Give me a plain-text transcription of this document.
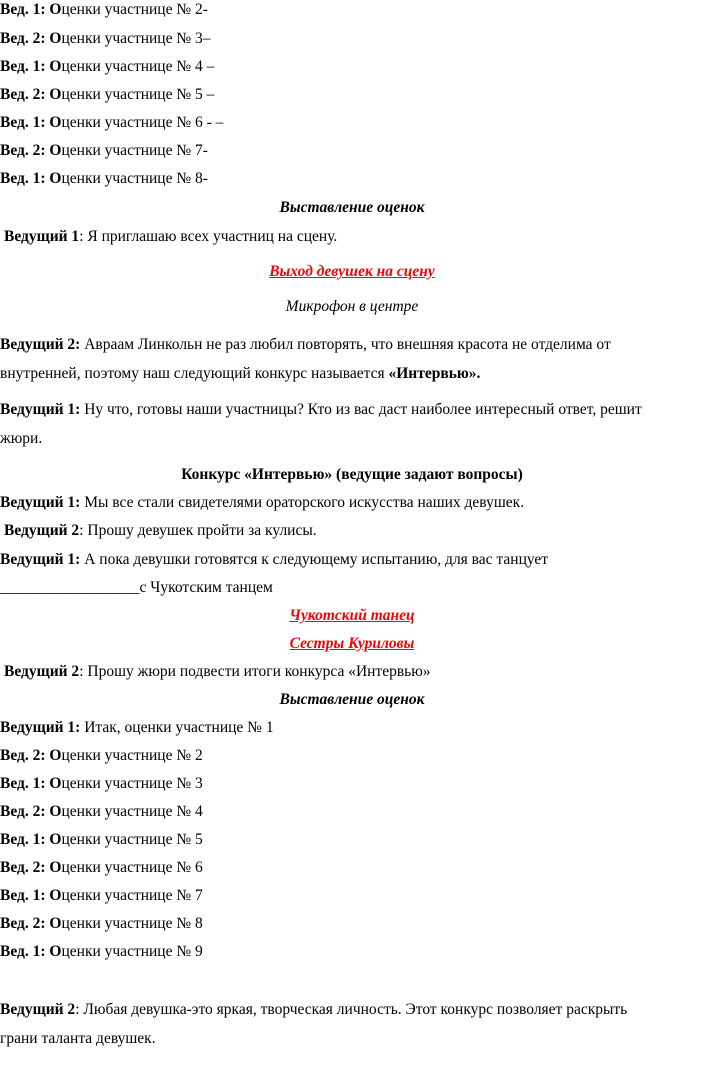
Вед. 1: Оценки участнице № 2-
Вед. 2: Оценки участнице № 3–
Вед. 1: Оценки участнице № 4 –
Вед. 2: Оценки участнице № 5 –
Вед. 1: Оценки участнице № 6 - –
Вед. 2: Оценки участнице № 7-
Вед. 1: Оценки участнице № 8-
Выставление оценок
Ведущий 1: Я приглашаю всех участниц на сцену.
Выход девушек на сцену
Микрофон в центре
Ведущий 2: Авраам Линкольн не раз любил повторять, что внешняя красота не отделима от
внутренней, поэтому наш следующий конкурс называется «Интервью».
Ведущий 1: Ну что, готовы наши участницы? Кто из вас даст наиболее интересный ответ, решит
жюри.
Конкурс «Интервью» (ведущие задают вопросы)
Ведущий 1: Мы все стали свидетелями ораторского искусства наших девушек.
Ведущий 2: Прошу девушек пройти за кулисы.
Ведущий 1: А пока девушки готовятся к следующему испытанию, для вас танцует
__________________с Чукотским танцем
Чукотский танец
Сестры Куриловы
Ведущий 2: Прошу жюри подвести итоги конкурса «Интервью»
Выставление оценок
Ведущий 1: Итак, оценки участнице № 1
Вед. 2: Оценки участнице № 2
Вед. 1: Оценки участнице № 3
Вед. 2: Оценки участнице № 4
Вед. 1: Оценки участнице № 5
Вед. 2: Оценки участнице № 6
Вед. 1: Оценки участнице № 7
Вед. 2: Оценки участнице № 8
Вед. 1: Оценки участнице № 9
Ведущий 2: Любая девушка-это яркая, творческая личность. Этот конкурс позволяет раскрыть
грани таланта девушек.
